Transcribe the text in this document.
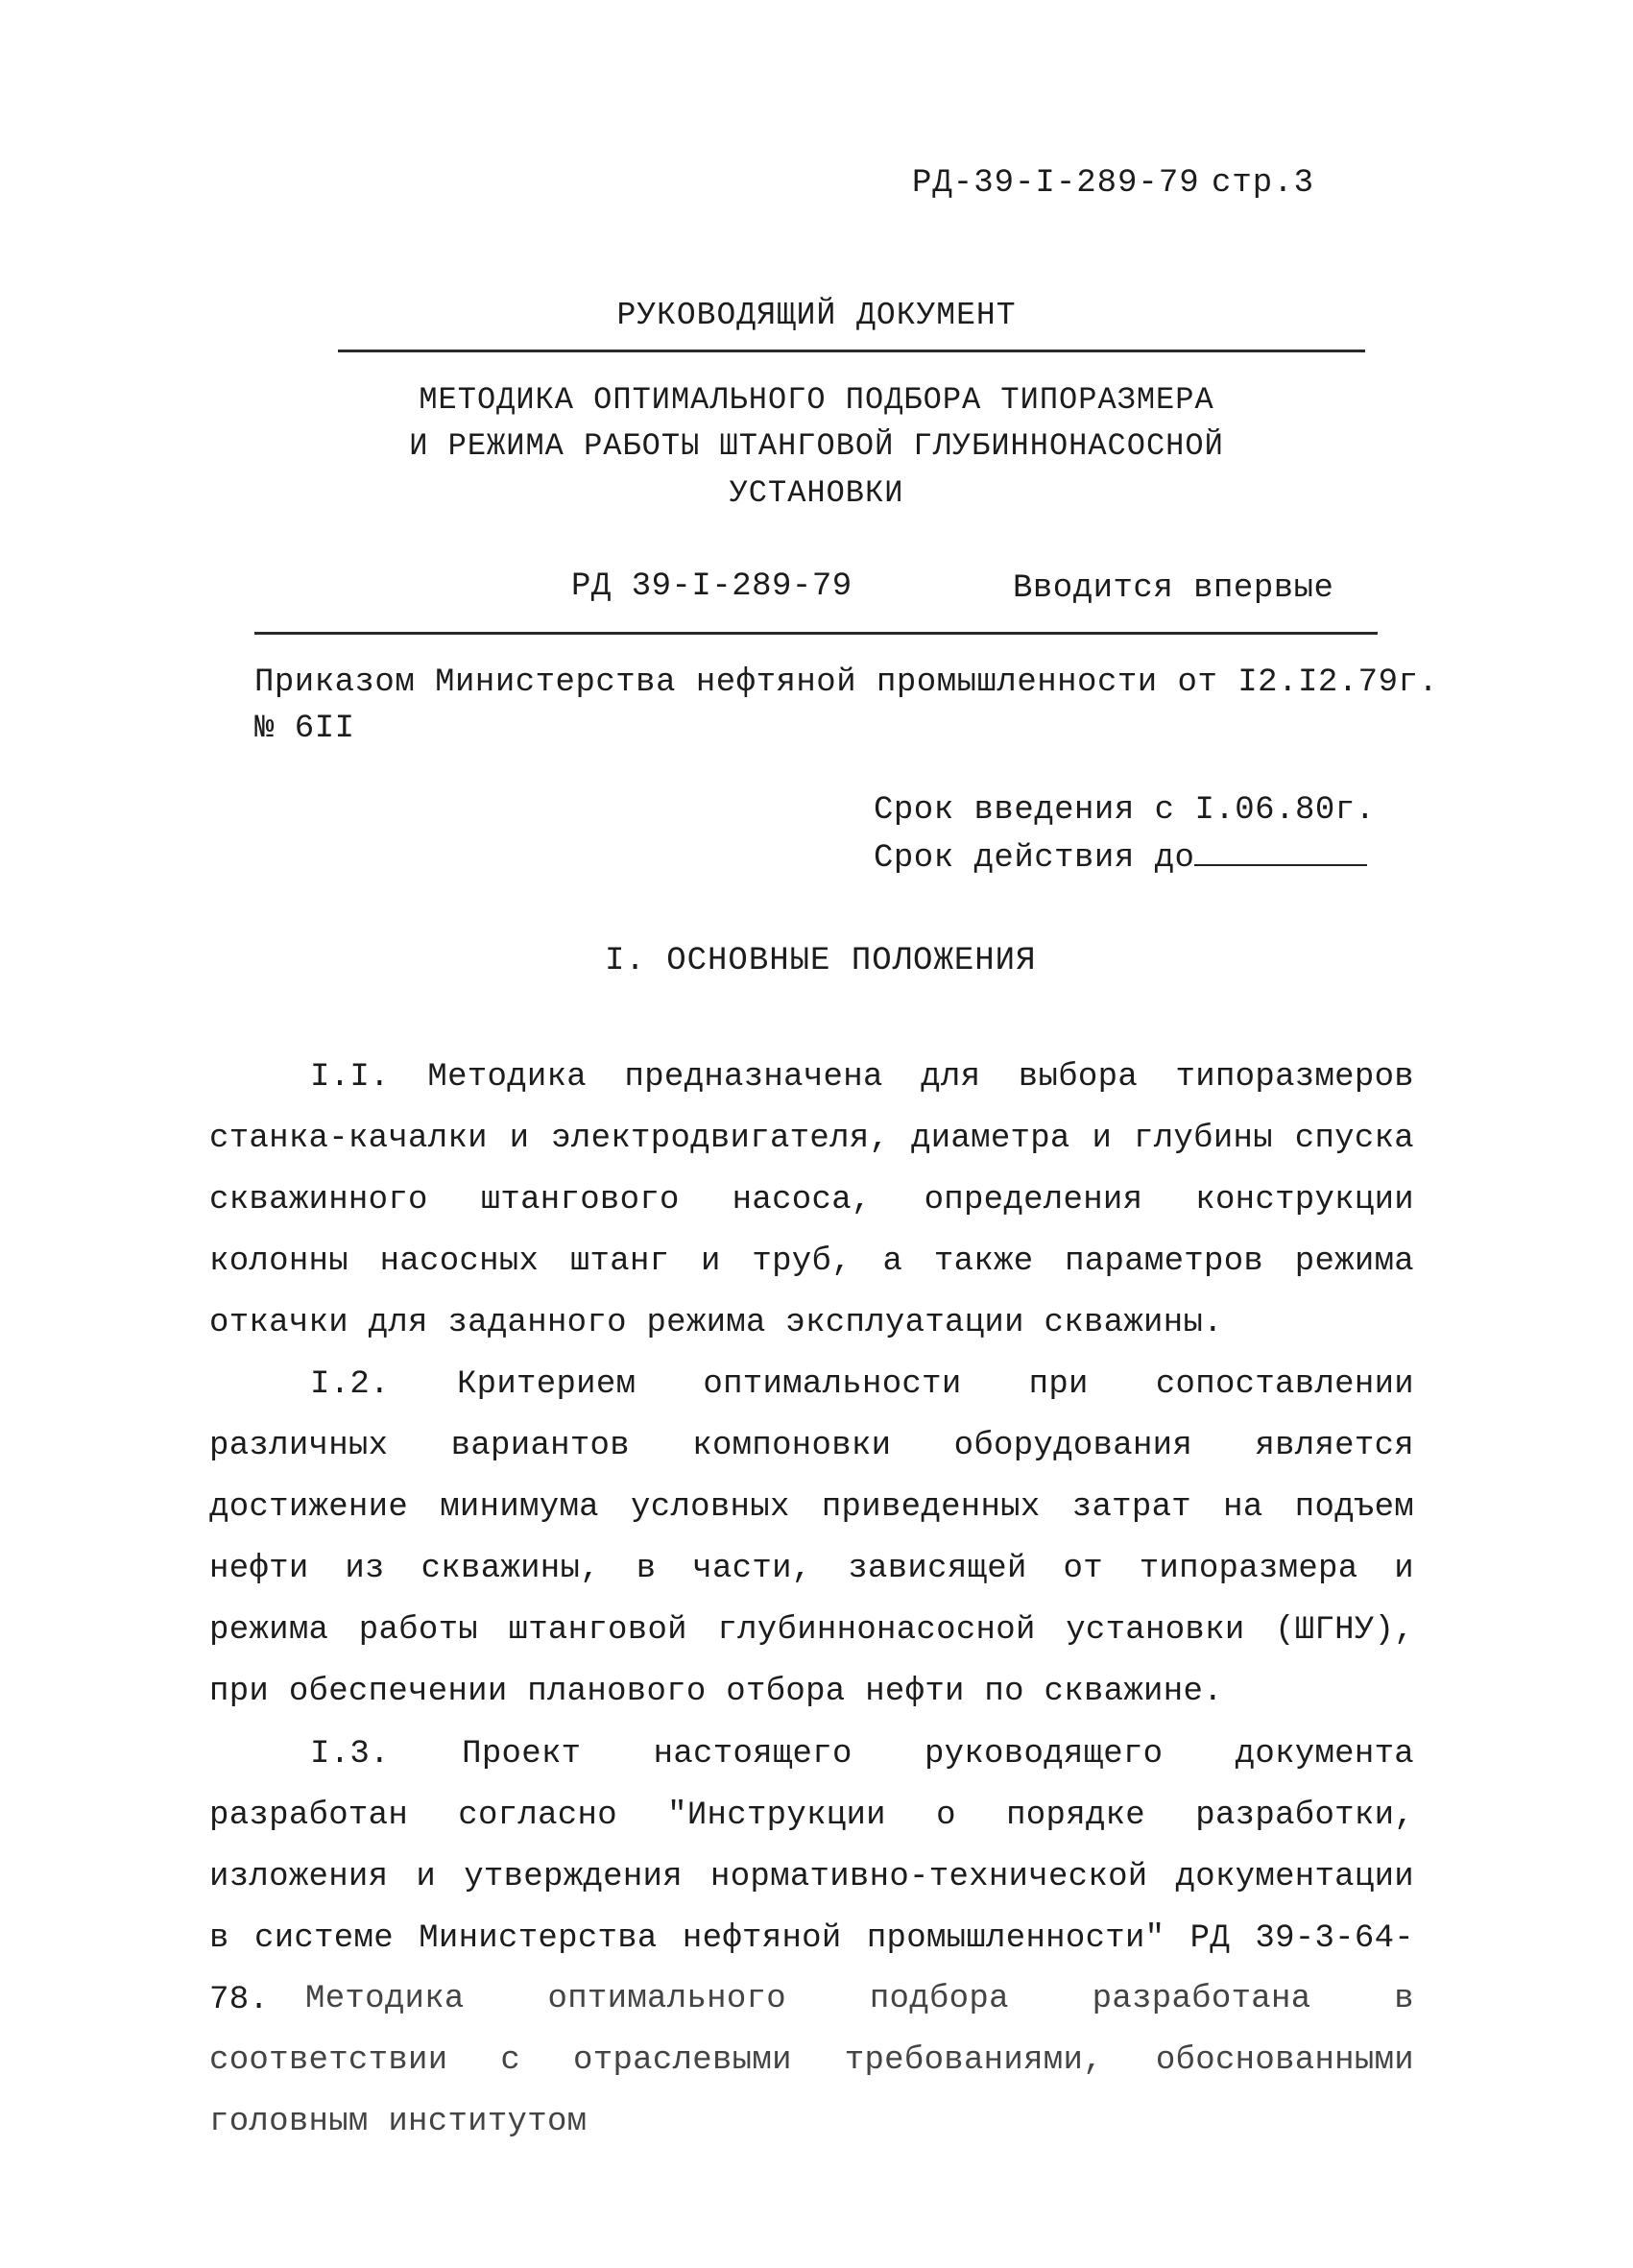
РД-39-I-289-79 стр.3
РУКОВОДЯЩИЙ ДОКУМЕНТ
МЕТОДИКА ОПТИМАЛЬНОГО ПОДБОРА ТИПОРАЗМЕРА
И РЕЖИМА РАБОТЫ ШТАНГОВОЙ ГЛУБИННОНАСОСНОЙ
УСТАНОВКИ
РД 39-I-289-79	Вводится впервые
Приказом Министерства нефтяной промышленности от I2.I2.79г.
№ 6II
Срок введения с I.06.80г.
Срок действия до
I. ОСНОВНЫЕ ПОЛОЖЕНИЯ
I.I. Методика предназначена для выбора типоразмеров станка-качалки и электродвигателя, диаметра и глубины спуска скважинного штангового насоса, определения конструкции колонны насосных штанг и труб, а также параметров режима откачки для заданного режима эксплуатации скважины.
I.2. Критерием оптимальности при сопоставлении различных вариантов компоновки оборудования является достижение минимума условных приведенных затрат на подъем нефти из скважины, в части, зависящей от типоразмера и режима работы штанговой глубиннонасосной установки (ШГНУ), при обеспечении планового отбора нефти по скважине.
I.3. Проект настоящего руководящего документа разработан согласно "Инструкции о порядке разработки, изложения и утверждения нормативно-технической документации в системе Министерства нефтяной промышленности" РД 39-3-64-78.	Методика оптимального подбора разработана в соответствии с отраслевыми требованиями, обоснованными головным институтом
